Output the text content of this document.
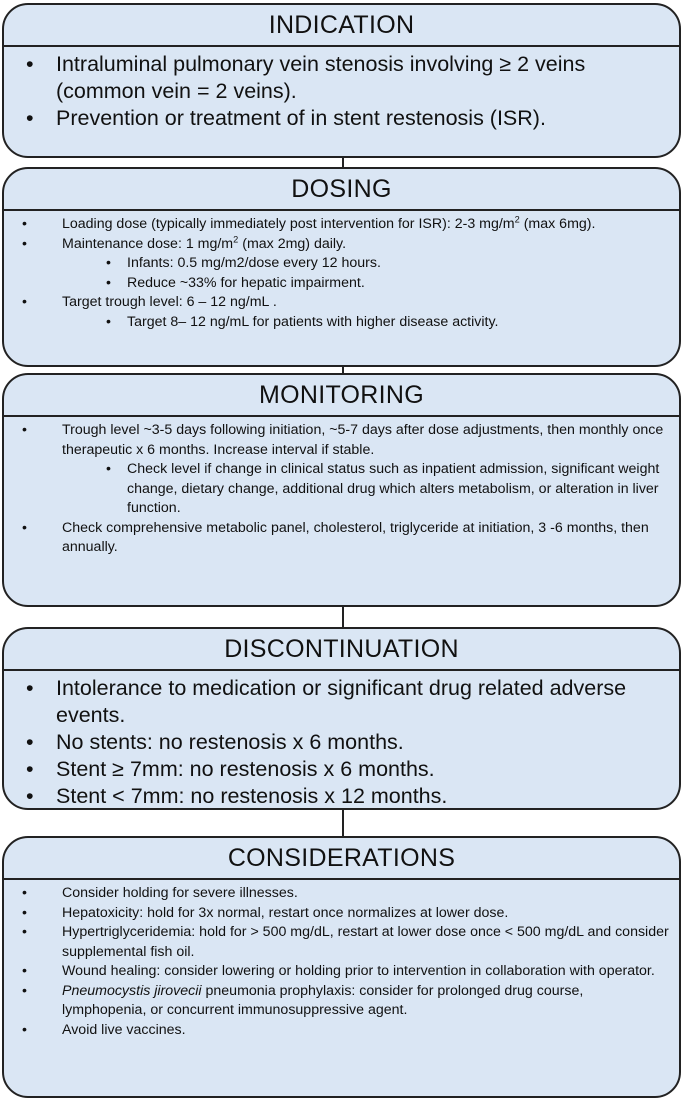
INDICATION
• Intraluminal pulmonary vein stenosis involving ≥ 2 veins (common vein = 2 veins).
• Prevention or treatment of in stent restenosis (ISR).
DOSING
• Loading dose (typically immediately post intervention for ISR): 2-3 $mg/m^2$ (max 6mg).
• Maintenance dose: 1 $mg/m^2$ (max 2mg) daily.
• Infants: 0.5 mg/m2/dose every 12 hours.
• Reduce ~33% for hepatic impairment.
• Target trough level: 6 – 12 ng/mL .
• Target 8– 12 ng/mL for patients with higher disease activity.
MONITORING
• Trough level ~3-5 days following initiation, ~5-7 days after dose adjustments, then monthly once therapeutic x 6 months. Increase interval if stable.
• Check level if change in clinical status such as inpatient admission, significant weight change, dietary change, additional drug which alters metabolism, or alteration in liver function.
• Check comprehensive metabolic panel, cholesterol, triglyceride at initiation, 3 -6 months, then annually.
DISCONTINUATION
• Intolerance to medication or significant drug related adverse events.
• No stents: no restenosis x 6 months.
• Stent ≥ 7mm: no restenosis x 6 months.
• Stent < 7mm: no restenosis x 12 months.
CONSIDERATIONS
• Consider holding for severe illnesses.
• Hepatoxicity: hold for 3x normal, restart once normalizes at lower dose.
• Hypertriglyceridemia: hold for > 500 mg/dL, restart at lower dose once < 500 mg/dL and consider supplemental fish oil.
• Wound healing: consider lowering or holding prior to intervention in collaboration with operator.
• Pneumocystis jirovecii pneumonia prophylaxis: consider for prolonged drug course, lymphopenia, or concurrent immunosuppressive agent.
• Avoid live vaccines.
